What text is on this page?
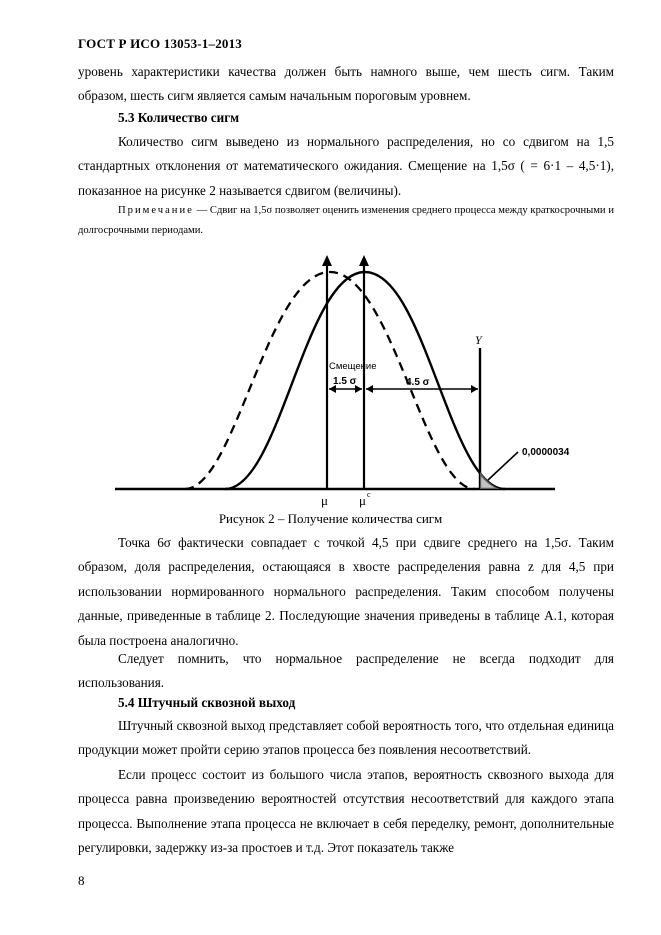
ГОСТ Р ИСО 13053-1–2013

уровень характеристики качества должен быть намного выше, чем шесть сигм. Таким образом, шесть сигм является самым начальным пороговым уровнем.

5.3 Количество сигм

Количество сигм выведено из нормального распределения, но со сдвигом на 1,5 стандартных отклонения от математического ожидания. Смещение на 1,5σ ( = 6·1 – 4,5·1), показанное на рисунке 2 называется сдвигом (величины).

Примечание — Сдвиг на 1,5σ позволяет оценить изменения среднего процесса между краткосрочными и долгосрочными периодами.

Смещение
1.5 σ	4.5 σ
Y
0,0000034
μ μ c
Рисунок 2 – Получение количества сигм

Точка 6σ фактически совпадает с точкой 4,5 при сдвиге среднего на 1,5σ. Таким образом, доля распределения, остающаяся в хвосте распределения равна z для 4,5 при использовании нормированного нормального распределения. Таким способом получены данные, приведенные в таблице 2. Последующие значения приведены в таблице А.1, которая была построена аналогично.

Следует помнить, что нормальное распределение не всегда подходит для использования.

5.4 Штучный сквозной выход

Штучный сквозной выход представляет собой вероятность того, что отдельная единица продукции может пройти серию этапов процесса без появления несоответствий.

Если процесс состоит из большого числа этапов, вероятность сквозного выхода для процесса равна произведению вероятностей отсутствия несоответствий для каждого этапа процесса. Выполнение этапа процесса не включает в себя переделку, ремонт, дополнительные регулировки, задержку из-за простоев и т.д. Этот показатель также

8
